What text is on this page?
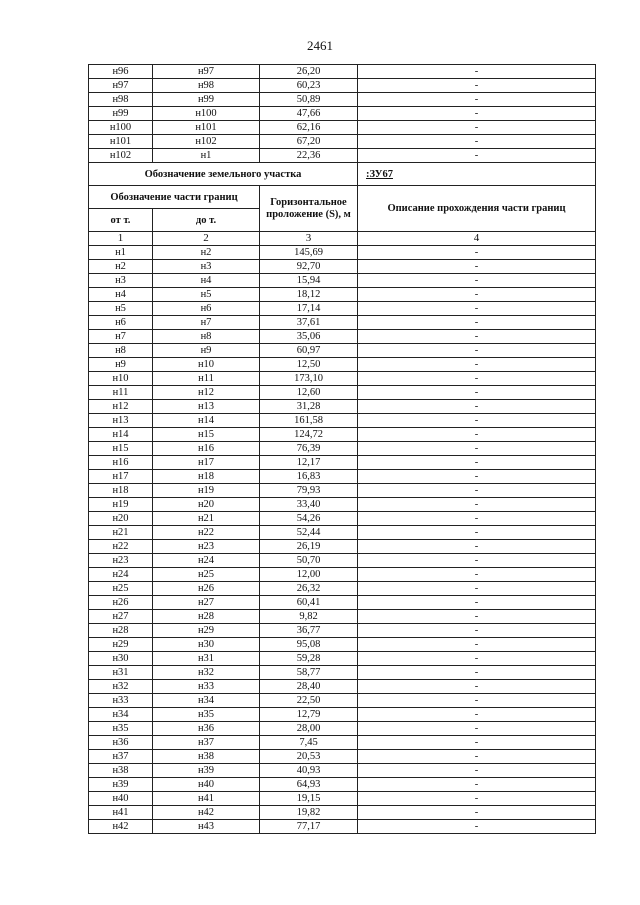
2461
н96	н97	26,20	-
н97	н98	60,23	-
н98	н99	50,89	-
н99	н100	47,66	-
н100	н101	62,16	-
н101	н102	67,20	-
н102	н1	22,36	-
Обозначение земельного участка			:ЗУ67
Обозначение части границ		Горизонтальное проложение (S), м	Описание прохождения части границ
от т.	до т.		
1	2	3	4
н1	н2	145,69	-
н2	н3	92,70	-
н3	н4	15,94	-
н4	н5	18,12	-
н5	н6	17,14	-
н6	н7	37,61	-
н7	н8	35,06	-
н8	н9	60,97	-
н9	н10	12,50	-
н10	н11	173,10	-
н11	н12	12,60	-
н12	н13	31,28	-
н13	н14	161,58	-
н14	н15	124,72	-
н15	н16	76,39	-
н16	н17	12,17	-
н17	н18	16,83	-
н18	н19	79,93	-
н19	н20	33,40	-
н20	н21	54,26	-
н21	н22	52,44	-
н22	н23	26,19	-
н23	н24	50,70	-
н24	н25	12,00	-
н25	н26	26,32	-
н26	н27	60,41	-
н27	н28	9,82	-
н28	н29	36,77	-
н29	н30	95,08	-
н30	н31	59,28	-
н31	н32	58,77	-
н32	н33	28,40	-
н33	н34	22,50	-
н34	н35	12,79	-
н35	н36	28,00	-
н36	н37	7,45	-
н37	н38	20,53	-
н38	н39	40,93	-
н39	н40	64,93	-
н40	н41	19,15	-
н41	н42	19,82	-
н42	н43	77,17	-
